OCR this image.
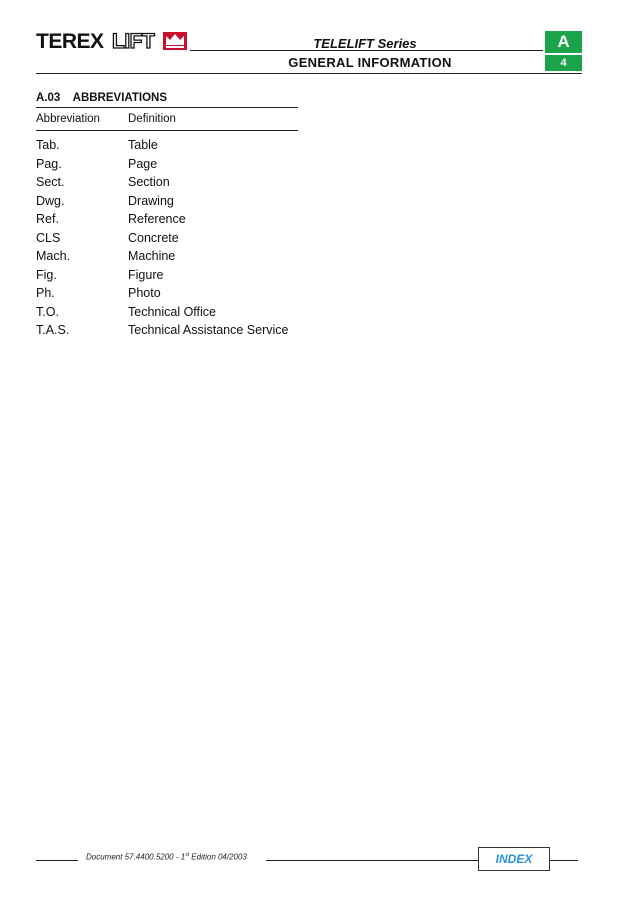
TEREX LIFT	TELELIFT Series
GENERAL INFORMATION
A
4
A.03    ABBREVIATIONS
Abbreviation	Definition
Tab.	Table
Pag.	Page
Sect.	Section
Dwg.	Drawing
Ref.	Reference
CLS	Concrete
Mach.	Machine
Fig.	Figure
Ph.	Photo
T.O.	Technical Office
T.A.S.	Technical Assistance Service
Document 57.4400.5200 - 1st Edition 04/2003	INDEX
